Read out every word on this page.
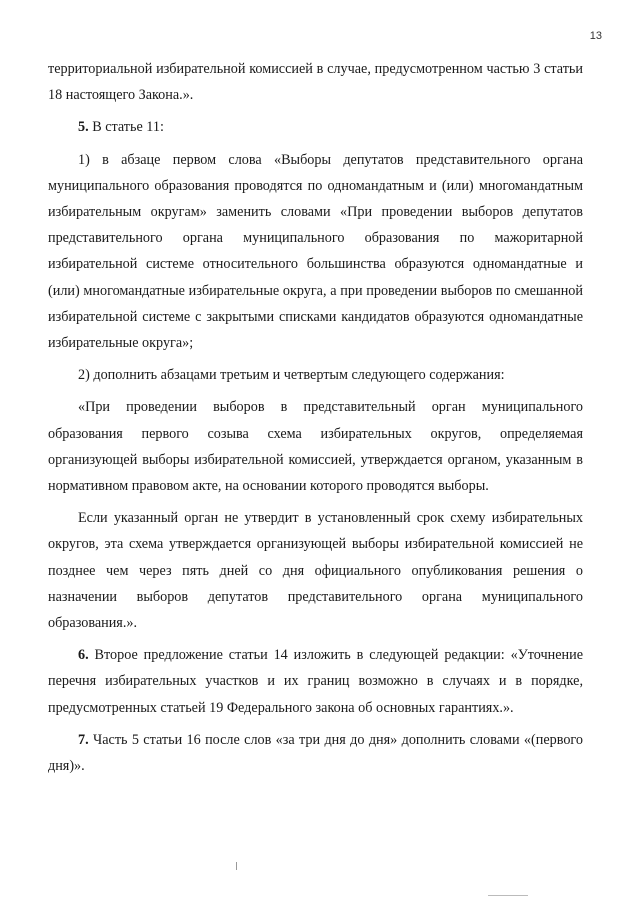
13

территориальной избирательной комиссией в случае, предусмотренном частью 3 статьи 18 настоящего Закона.».

5. В статье 11:

1) в абзаце первом слова «Выборы депутатов представительного органа муниципального образования проводятся по одномандатным и (или) многомандатным избирательным округам» заменить словами «При проведении выборов депутатов представительного органа муниципального образования по мажоритарной избирательной системе относительного большинства образуются одномандатные и (или) многомандатные избирательные округа, а при проведении выборов по смешанной избирательной системе с закрытыми списками кандидатов образуются одномандатные избирательные округа»;

2) дополнить абзацами третьим и четвертым следующего содержания:

«При проведении выборов в представительный орган муниципального образования первого созыва схема избирательных округов, определяемая организующей выборы избирательной комиссией, утверждается органом, указанным в нормативном правовом акте, на основании которого проводятся выборы.

Если указанный орган не утвердит в установленный срок схему избирательных округов, эта схема утверждается организующей выборы избирательной комиссией не позднее чем через пять дней со дня официального опубликования решения о назначении выборов депутатов представительного органа муниципального образования.».

6. Второе предложение статьи 14 изложить в следующей редакции: «Уточнение перечня избирательных участков и их границ возможно в случаях и в порядке, предусмотренных статьей 19 Федерального закона об основных гарантиях.».

7. Часть 5 статьи 16 после слов «за три дня до дня» дополнить словами «(первого дня)».
